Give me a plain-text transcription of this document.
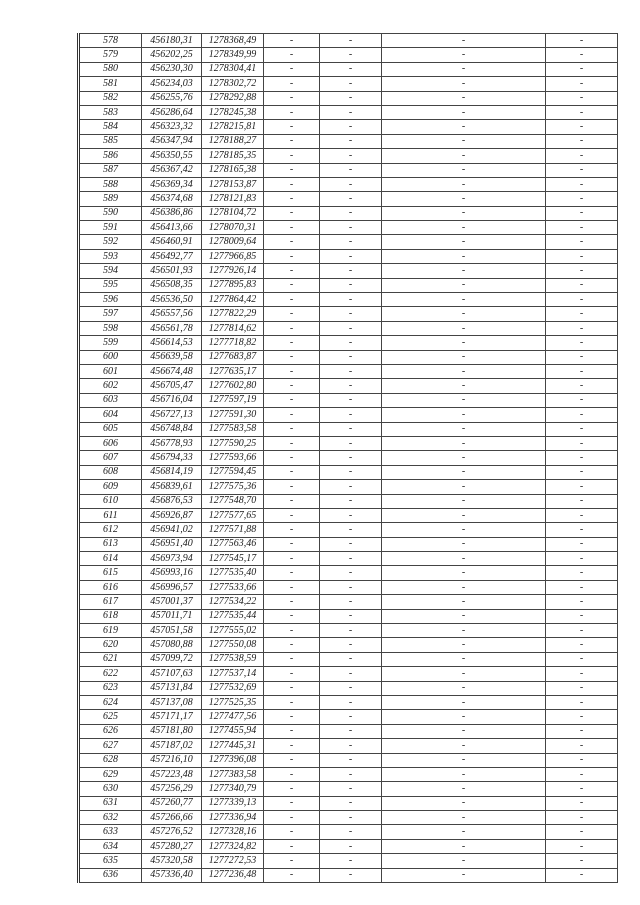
578	456180,31	1278368,49	-	-	-	-
579	456202,25	1278349,99	-	-	-	-
580	456230,30	1278304,41	-	-	-	-
581	456234,03	1278302,72	-	-	-	-
582	456255,76	1278292,88	-	-	-	-
583	456286,64	1278245,38	-	-	-	-
584	456323,32	1278215,81	-	-	-	-
585	456347,94	1278188,27	-	-	-	-
586	456350,55	1278185,35	-	-	-	-
587	456367,42	1278165,38	-	-	-	-
588	456369,34	1278153,87	-	-	-	-
589	456374,68	1278121,83	-	-	-	-
590	456386,86	1278104,72	-	-	-	-
591	456413,66	1278070,31	-	-	-	-
592	456460,91	1278009,64	-	-	-	-
593	456492,77	1277966,85	-	-	-	-
594	456501,93	1277926,14	-	-	-	-
595	456508,35	1277895,83	-	-	-	-
596	456536,50	1277864,42	-	-	-	-
597	456557,56	1277822,29	-	-	-	-
598	456561,78	1277814,62	-	-	-	-
599	456614,53	1277718,82	-	-	-	-
600	456639,58	1277683,87	-	-	-	-
601	456674,48	1277635,17	-	-	-	-
602	456705,47	1277602,80	-	-	-	-
603	456716,04	1277597,19	-	-	-	-
604	456727,13	1277591,30	-	-	-	-
605	456748,84	1277583,58	-	-	-	-
606	456778,93	1277590,25	-	-	-	-
607	456794,33	1277593,66	-	-	-	-
608	456814,19	1277594,45	-	-	-	-
609	456839,61	1277575,36	-	-	-	-
610	456876,53	1277548,70	-	-	-	-
611	456926,87	1277577,65	-	-	-	-
612	456941,02	1277571,88	-	-	-	-
613	456951,40	1277563,46	-	-	-	-
614	456973,94	1277545,17	-	-	-	-
615	456993,16	1277535,40	-	-	-	-
616	456996,57	1277533,66	-	-	-	-
617	457001,37	1277534,22	-	-	-	-
618	457011,71	1277535,44	-	-	-	-
619	457051,58	1277555,02	-	-	-	-
620	457080,88	1277550,08	-	-	-	-
621	457099,72	1277538,59	-	-	-	-
622	457107,63	1277537,14	-	-	-	-
623	457131,84	1277532,69	-	-	-	-
624	457137,08	1277525,35	-	-	-	-
625	457171,17	1277477,56	-	-	-	-
626	457181,80	1277455,94	-	-	-	-
627	457187,02	1277445,31	-	-	-	-
628	457216,10	1277396,08	-	-	-	-
629	457223,48	1277383,58	-	-	-	-
630	457256,29	1277340,79	-	-	-	-
631	457260,77	1277339,13	-	-	-	-
632	457266,66	1277336,94	-	-	-	-
633	457276,52	1277328,16	-	-	-	-
634	457280,27	1277324,82	-	-	-	-
635	457320,58	1277272,53	-	-	-	-
636	457336,40	1277236,48	-	-	-	-
